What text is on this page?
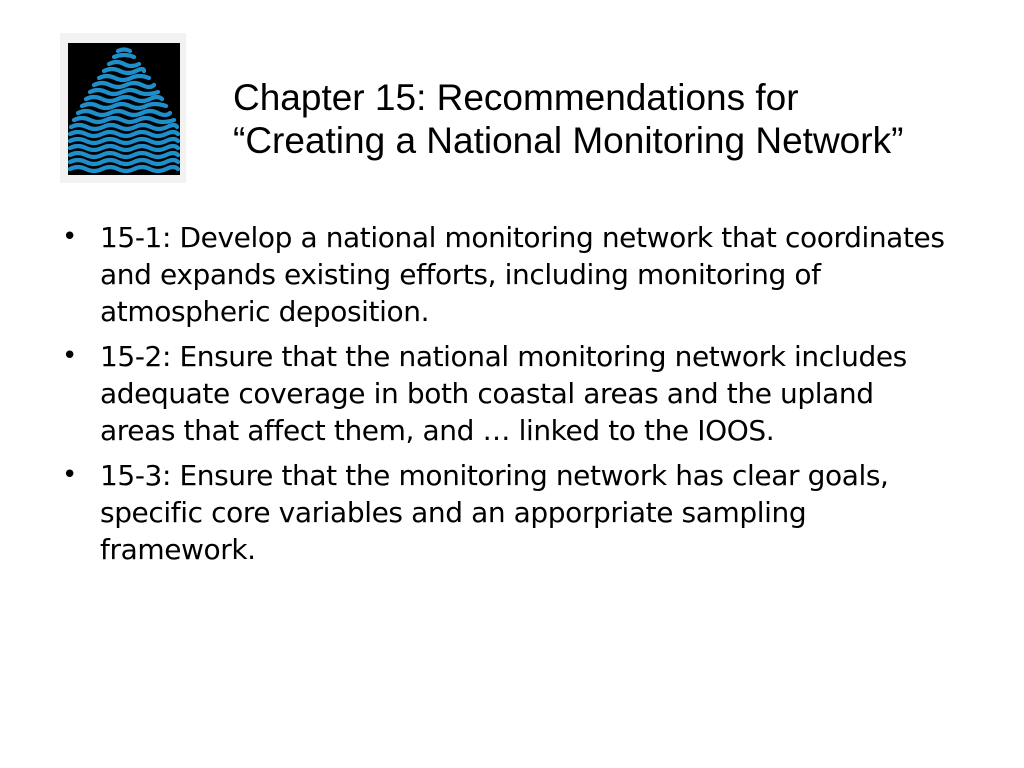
Chapter 15: Recommendations for
“Creating a National Monitoring Network”
• 15-1: Develop a national monitoring network that coordinates and expands existing efforts, including monitoring of atmospheric deposition.
• 15-2: Ensure that the national monitoring network includes adequate coverage in both coastal areas and the upland areas that affect them, and … linked to the IOOS.
• 15-3: Ensure that the monitoring network has clear goals, specific core variables and an apporpriate sampling framework.
